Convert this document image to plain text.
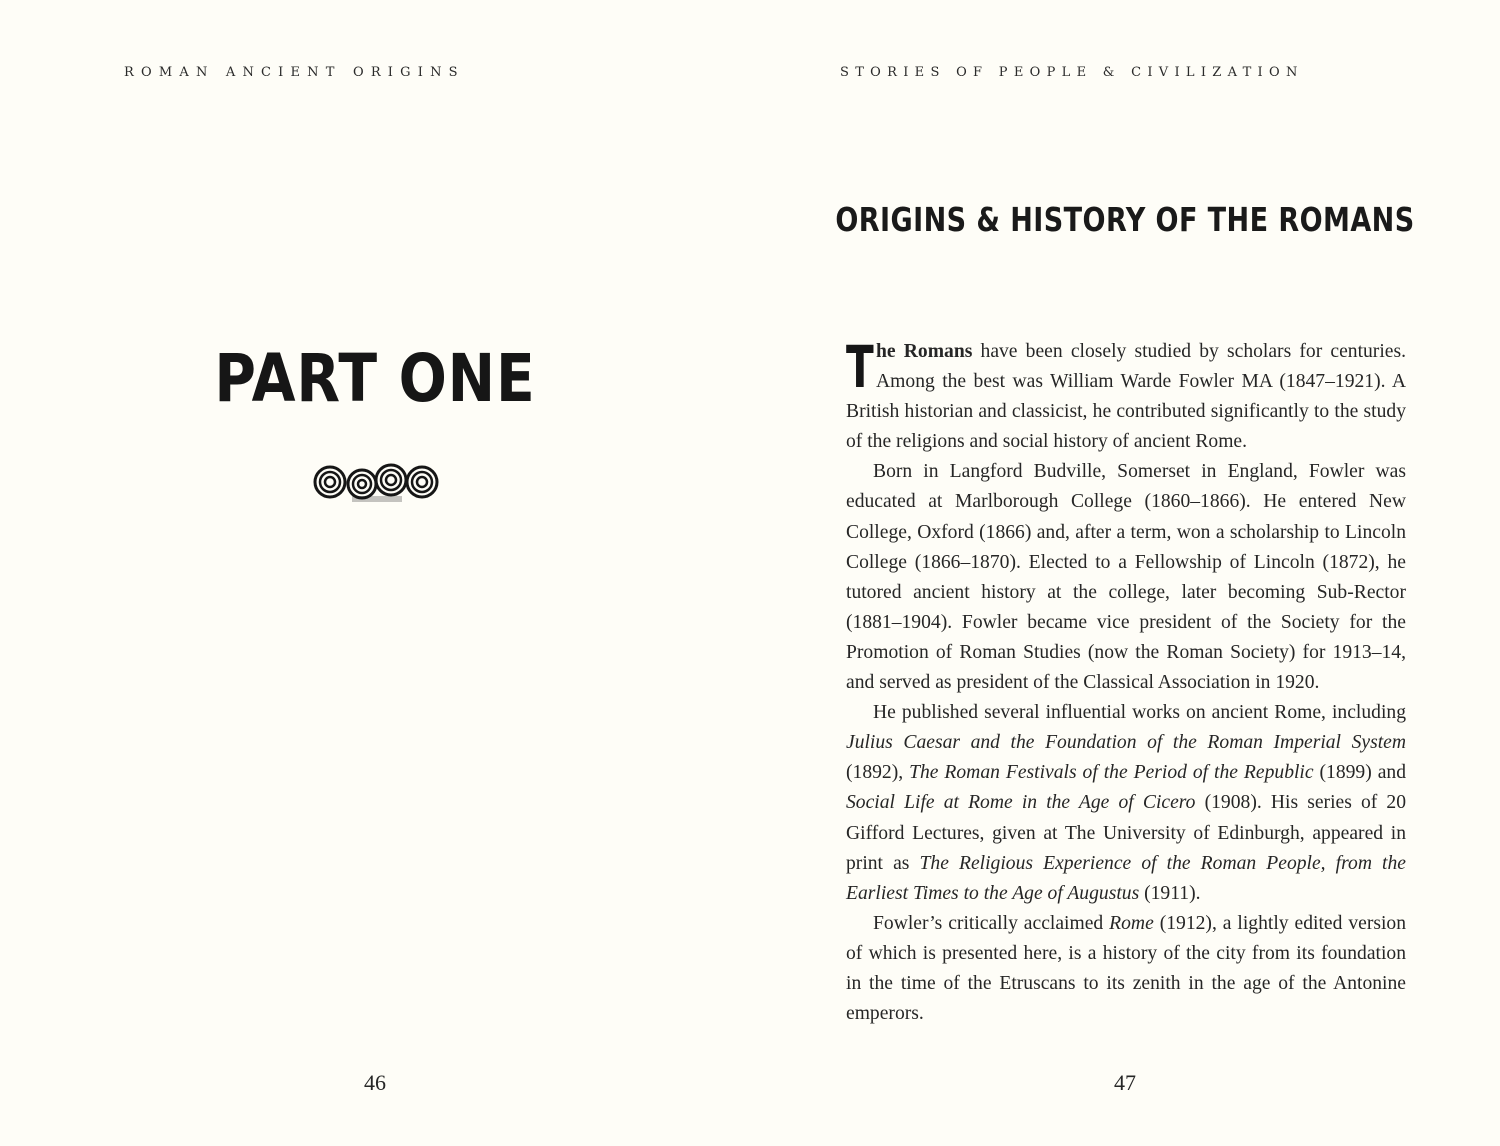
ROMAN ANCIENT ORIGINS
PART ONE
46
STORIES OF PEOPLE & CIVILIZATION
ORIGINS & HISTORY OF THE ROMANS

The Romans have been closely studied by scholars for centuries. Among the best was William Warde Fowler MA (1847–1921). A British historian and classicist, he contributed significantly to the study of the religions and social history of ancient Rome.

Born in Langford Budville, Somerset in England, Fowler was educated at Marlborough College (1860–1866). He entered New College, Oxford (1866) and, after a term, won a scholarship to Lincoln College (1866–1870). Elected to a Fellowship of Lincoln (1872), he tutored ancient history at the college, later becoming Sub-Rector (1881–1904). Fowler became vice president of the Society for the Promotion of Roman Studies (now the Roman Society) for 1913–14, and served as president of the Classical Association in 1920.

He published several influential works on ancient Rome, including Julius Caesar and the Foundation of the Roman Imperial System (1892), The Roman Festivals of the Period of the Republic (1899) and Social Life at Rome in the Age of Cicero (1908). His series of 20 Gifford Lectures, given at The University of Edinburgh, appeared in print as The Religious Experience of the Roman People, from the Earliest Times to the Age of Augustus (1911).

Fowler’s critically acclaimed Rome (1912), a lightly edited version of which is presented here, is a history of the city from its foundation in the time of the Etruscans to its zenith in the age of the Antonine emperors.

47
